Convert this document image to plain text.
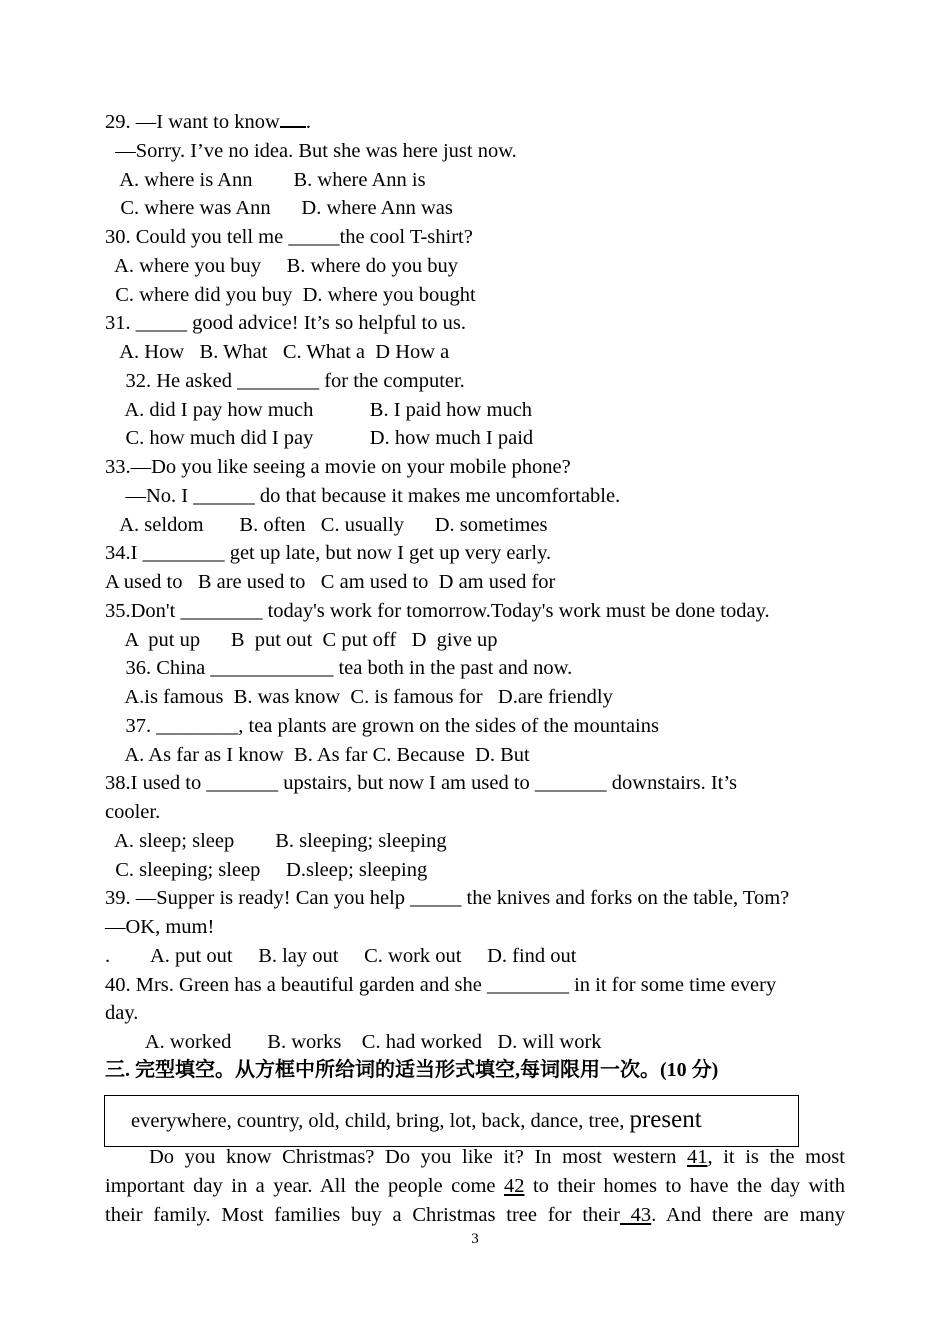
29. —I want to know .
—Sorry. I’ve no idea. But she was here just now.
A. where is Ann        B. where Ann is
C. where was Ann      D. where Ann was
30. Could you tell me _____the cool T-shirt?
A. where you buy     B. where do you buy
C. where did you buy  D. where you bought
31. _____ good advice! It’s so helpful to us.
A. How   B. What   C. What a  D How a
32. He asked ________ for the computer.
A. did I pay how much           B. I paid how much
C. how much did I pay           D. how much I paid
33.—Do you like seeing a movie on your mobile phone?
—No. I ______ do that because it makes me uncomfortable.
A. seldom       B. often   C. usually      D. sometimes
34.I ________ get up late, but now I get up very early.
A used to   B are used to   C am used to  D am used for
35.Don't ________ today's work for tomorrow.Today's work must be done today.
A  put up      B  put out  C put off   D  give up
36. China ____________ tea both in the past and now.
A.is famous  B. was know  C. is famous for   D.are friendly
37. ________, tea plants are grown on the sides of the mountains
A. As far as I know  B. As far C. Because  D. But
38.I used to _______ upstairs, but now I am used to _______ downstairs. It’s
cooler.
A. sleep; sleep        B. sleeping; sleeping
C. sleeping; sleep     D.sleep; sleeping
39. —Supper is ready! Can you help _____ the knives and forks on the table, Tom?
—OK, mum!
.        A. put out     B. lay out     C. work out     D. find out
40. Mrs. Green has a beautiful garden and she ________ in it for some time every
day.
A. worked       B. works    C. had worked   D. will work
三. 完型填空。从方框中所给词的适当形式填空,每词限用一次。(10 分)
everywhere, country, old, child, bring, lot, back, dance, tree, present
Do you know Christmas? Do you like it? In most western 41, it is the most
important day in a year. All the people come 42 to their homes to have the day with
their family. Most families buy a Christmas tree for their 43. And there are many
3
